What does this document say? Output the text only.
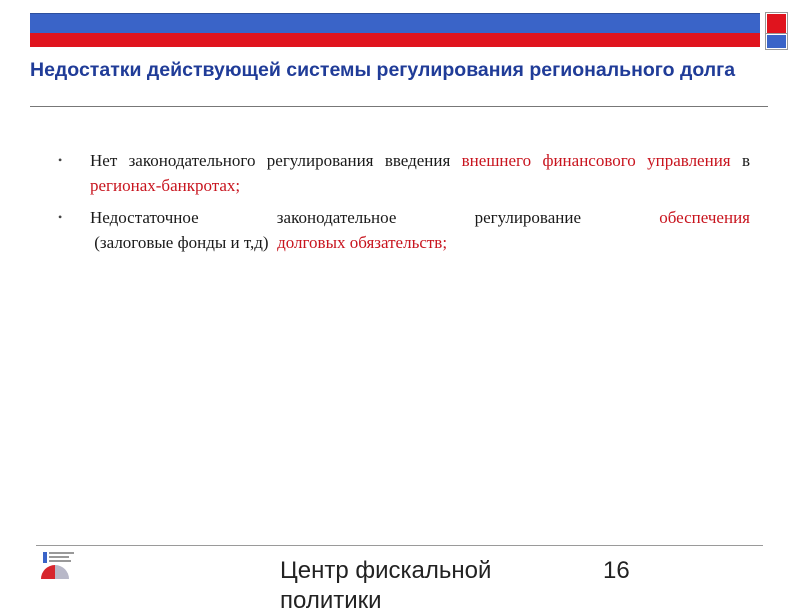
Недостатки действующей системы регулирования регионального долга
• Нет законодательного регулирования введения внешнего финансового управления в регионах-банкротах;
• Недостаточное законодательное регулирование обеспечения (залоговые фонды и т,д)  долговых обязательств;

Центр фискальной политики

16
